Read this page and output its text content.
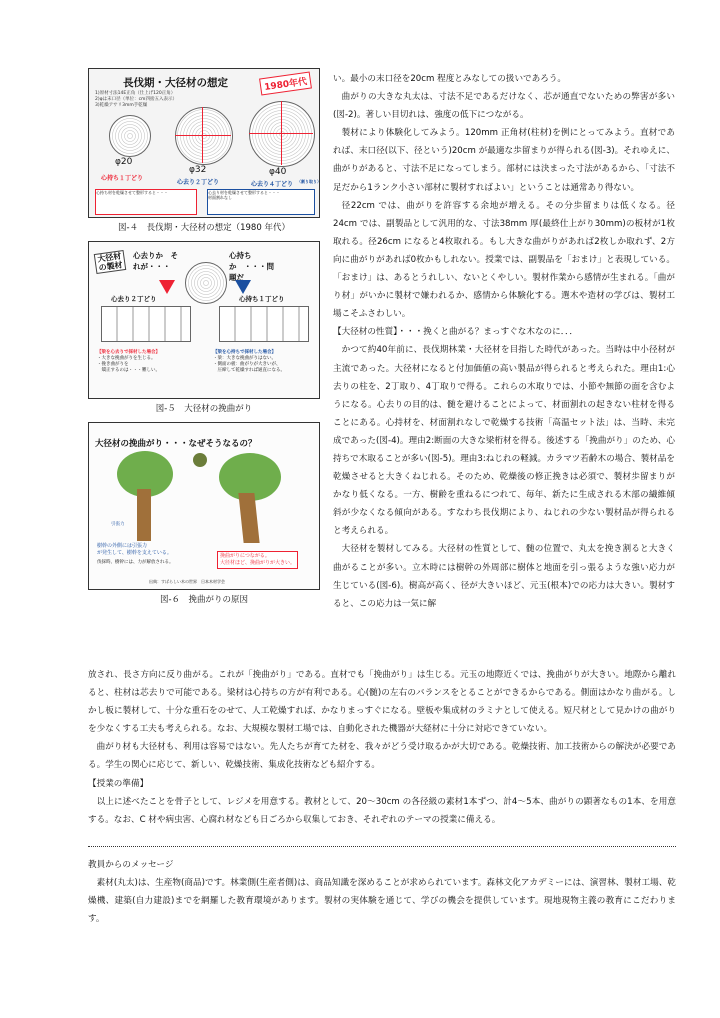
長伐期・大径材の想定	1980年代
1)原材寸法14E正角（仕上げ120正角）
2)φは末口径（単位：cm四捨五入表示）
3)乾燥アサリ3mm手乾燥
φ20
φ32	φ40
心持ち１丁どり
心去り２丁どり	心去り４丁どり （割り取り）
心持ち材を乾燥させて整形すると・・・	心去り材を乾燥させて整形すると・・・
材面割れなし
図-４　長伐期・大径材の想定（1980 年代）
大径材の製材
心去りか　それが・・・
心持ちか　・・・問題だ
心去り２丁どり	心持ち１丁どり
【梁を心去りで採材した場合】
・大きな挽曲がりを生じる。
・挽き曲がりを
　矯正するのは・・・難しい。
【梁を心持ちで採材した場合】
・梁：大きな挽曲がりはない。
・側面の板：曲がりが大きいが、
　圧締して乾燥すれば通直になる。
図-５　大径材の挽曲がり
大径材の挽曲がり・・・なぜそうなるの？
引張力
樹幹の外側には引張力
が発生して、樹幹を支えている。
伐採時、樹幹には、力が解放される。
挽曲がりにつながる。
大径材ほど、挽曲がりが大きい。
出典：すばらしい木の世界　日本木材学会
図-６　挽曲がりの原因

い。最小の末口径を20cm 程度とみなしての扱いであろう。

曲がりの大きな丸太は、寸法不足であるだけなく、芯が通直でないための弊害が多い(図-2)。著しい目切れは、強度の低下につながる。

製材により体験化してみよう。120mm 正角材(柱材)を例にとってみよう。直材であれば、末口径(以下、径という)20cm が最適な歩留まりが得られる(図-3)。それゆえに、曲がりがあると、寸法不足になってしまう。部材には決まった寸法があるから、「寸法不足だから1ランク小さい部材に製材すればよい」ということは通常あり得ない。

径22cm では、曲がりを許容する余地が増える。その分歩留まりは低くなる。径24cm では、副製品として汎用的な、寸法38mm 厚(最終仕上がり30mm)の板材が1枚取れる。径26cm になると4枚取れる。もし大きな曲がりがあれば2枚しか取れず、2方向に曲がりがあれば0枚かもしれない。授業では、副製品を「おまけ」と表現している。「おまけ」は、あるとうれしい、ないとくやしい。製材作業から感情が生まれる。「曲がり材」がいかに製材で嫌われるか、感情から体験化する。選木や造材の学びは、製材工場こそふさわしい。

【大径材の性質】・・・挽くと曲がる？まっすぐな木なのに．．．

かつて約40年前に、長伐期林業・大径材を目指した時代があった。当時は中小径材が主流であった。大径材になると付加価値の高い製品が得られると考えられた。理由1:心去りの柱を、2丁取り、4丁取りで得る。これらの木取りでは、小節や無節の面を含むようになる。心去りの目的は、髄を避けることによって、材面割れの起きない柱材を得ることにある。心持材を、材面割れなしで乾燥する技術「高温セット法」は、当時、未完成であった(図-4)。理由2:断面の大きな梁桁材を得る。後述する「挽曲がり」のため、心持ちで木取ることが多い(図-5)。理由3:ねじれの軽減。カラマツ若齢木の場合、製材品を乾燥させると大きくねじれる。そのため、乾燥後の修正挽きは必須で、製材歩留まりがかなり低くなる。一方、樹齢を重ねるにつれて、毎年、新たに生成される木部の繊維傾斜が少なくなる傾向がある。すなわち長伐期により、ねじれの少ない製材品が得られると考えられる。

大径材を製材してみる。大径材の性質として、髄の位置で、丸太を挽き割ると大きく曲がることが多い。立木時には樹幹の外周部に樹体と地面を引っ張るような強い応力が生じている(図-6)。樹高が高く、径が大きいほど、元玉(根本)での応力は大きい。製材すると、この応力は一気に解

放され、長さ方向に反り曲がる。これが「挽曲がり」である。直材でも「挽曲がり」は生じる。元玉の地際近くでは、挽曲がりが大きい。地際から離れると、柱材は芯去りで可能である。梁材は心持ちの方が有利である。心(髄)の左右のバランスをとることができるからである。側面はかなり曲がる。しかし板に製材して、十分な重石をのせて、人工乾燥すれば、かなりまっすぐになる。壁板や集成材のラミナとして使える。短尺材として見かけの曲がりを少なくする工夫も考えられる。なお、大規模な製材工場では、自動化された機器が大経材に十分に対応できていない。

曲がり材も大径材も、利用は容易ではない。先人たちが育てた材を、我々がどう受け取るかが大切である。乾燥技術、加工技術からの解決が必要である。学生の関心に応じて、新しい、乾燥技術、集成化技術なども紹介する。

【授業の準備】

以上に述べたことを骨子として、レジメを用意する。教材として、20～30cm の各径級の素材1本ずつ、計4～5本、曲がりの顕著なもの1本、を用意する。なお、C 材や病虫害、心腐れ材なども日ごろから収集しておき、それぞれのテーマの授業に備える。

教員からのメッセージ

素材(丸太)は、生産物(商品)です。林業側(生産者側)は、商品知識を深めることが求められています。森林文化アカデミーには、演習林、製材工場、乾燥機、建築(自力建設)までを網羅した教育環境があります。製材の実体験を通じて、学びの機会を提供しています。現地現物主義の教育にこだわります。
